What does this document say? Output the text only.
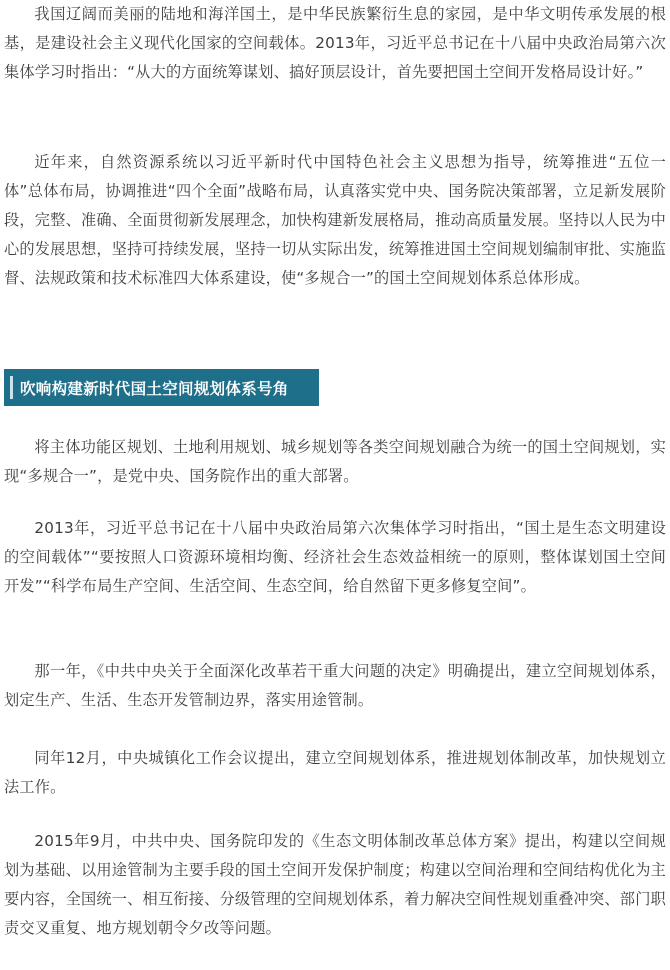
我国辽阔而美丽的陆地和海洋国土，是中华民族繁衍生息的家园，是中华文明传承发展的根基，是建设社会主义现代化国家的空间载体。2013年，习近平总书记在十八届中央政治局第六次集体学习时指出：“从大的方面统筹谋划、搞好顶层设计，首先要把国土空间开发格局设计好。”

近年来，自然资源系统以习近平新时代中国特色社会主义思想为指导，统筹推进“五位一体”总体布局，协调推进“四个全面”战略布局，认真落实党中央、国务院决策部署，立足新发展阶段，完整、准确、全面贯彻新发展理念，加快构建新发展格局，推动高质量发展。坚持以人民为中心的发展思想，坚持可持续发展，坚持一切从实际出发，统筹推进国土空间规划编制审批、实施监督、法规政策和技术标准四大体系建设，使“多规合一”的国土空间规划体系总体形成。

吹响构建新时代国土空间规划体系号角

将主体功能区规划、土地利用规划、城乡规划等各类空间规划融合为统一的国土空间规划，实现“多规合一”，是党中央、国务院作出的重大部署。

2013年，习近平总书记在十八届中央政治局第六次集体学习时指出，“国土是生态文明建设的空间载体”“要按照人口资源环境相均衡、经济社会生态效益相统一的原则，整体谋划国土空间开发”“科学布局生产空间、生活空间、生态空间，给自然留下更多修复空间”。

那一年，《中共中央关于全面深化改革若干重大问题的决定》明确提出，建立空间规划体系，划定生产、生活、生态开发管制边界，落实用途管制。

同年12月，中央城镇化工作会议提出，建立空间规划体系，推进规划体制改革，加快规划立法工作。

2015年9月，中共中央、国务院印发的《生态文明体制改革总体方案》提出，构建以空间规划为基础、以用途管制为主要手段的国土空间开发保护制度；构建以空间治理和空间结构优化为主要内容，全国统一、相互衔接、分级管理的空间规划体系，着力解决空间性规划重叠冲突、部门职责交叉重复、地方规划朝令夕改等问题。
